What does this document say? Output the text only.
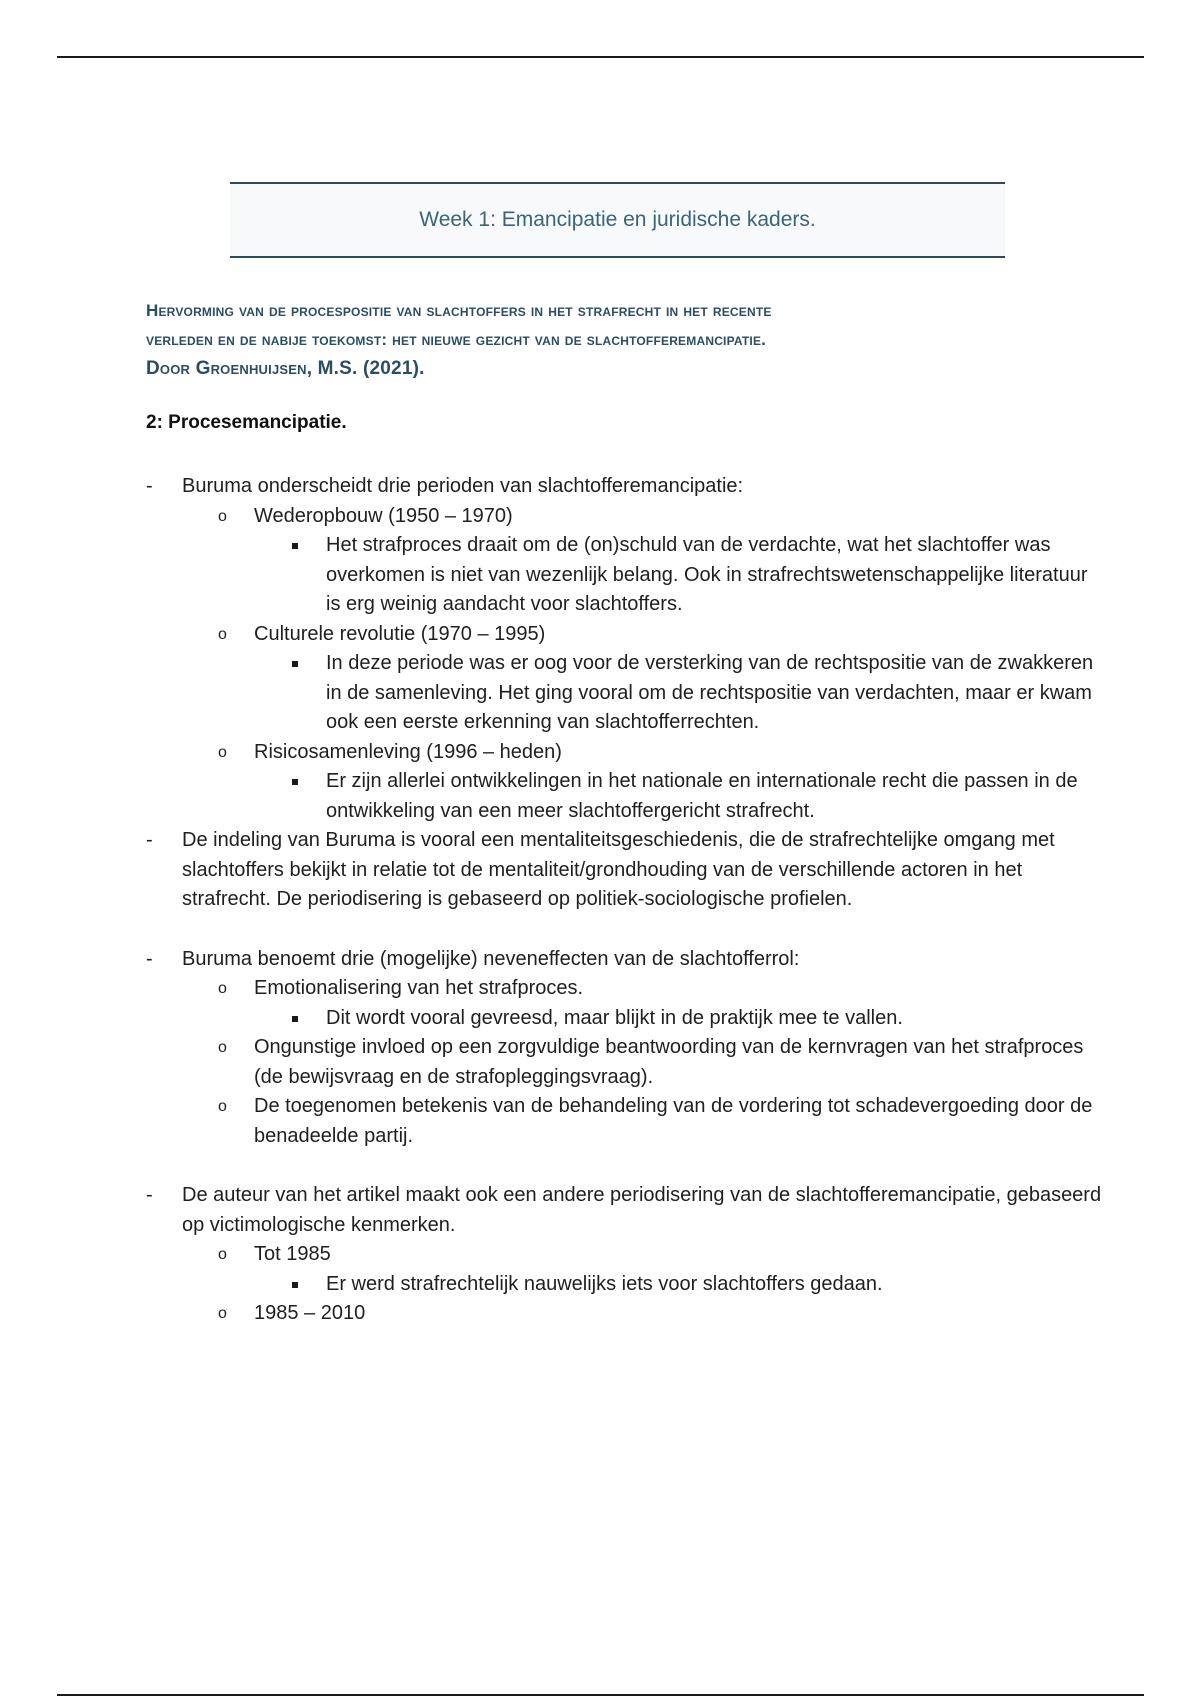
Week 1: Emancipatie en juridische kaders.
Hervorming van de procespositie van slachtoffers in het strafrecht in het recente
verleden en de nabije toekomst: het nieuwe gezicht van de slachtofferemancipatie.
Door Groenhuijsen, M.S. (2021).
2: Procesemancipatie.
- Buruma onderscheidt drie perioden van slachtofferemancipatie:
o Wederopbouw (1950 – 1970)
Het strafproces draait om de (on)schuld van de verdachte, wat het slachtoffer was overkomen is niet van wezenlijk belang. Ook in strafrechtswetenschappelijke literatuur is erg weinig aandacht voor slachtoffers.
o Culturele revolutie (1970 – 1995)
In deze periode was er oog voor de versterking van de rechtspositie van de zwakkeren in de samenleving. Het ging vooral om de rechtspositie van verdachten, maar er kwam ook een eerste erkenning van slachtofferrechten.
o Risicosamenleving (1996 – heden)
Er zijn allerlei ontwikkelingen in het nationale en internationale recht die passen in de ontwikkeling van een meer slachtoffergericht strafrecht.
- De indeling van Buruma is vooral een mentaliteitsgeschiedenis, die de strafrechtelijke omgang met slachtoffers bekijkt in relatie tot de mentaliteit/grondhouding van de verschillende actoren in het strafrecht. De periodisering is gebaseerd op politiek-sociologische profielen.
- Buruma benoemt drie (mogelijke) neveneffecten van de slachtofferrol:
o Emotionalisering van het strafproces.
Dit wordt vooral gevreesd, maar blijkt in de praktijk mee te vallen.
o Ongunstige invloed op een zorgvuldige beantwoording van de kernvragen van het strafproces (de bewijsvraag en de strafopleggingsvraag).
o De toegenomen betekenis van de behandeling van de vordering tot schadevergoeding door de benadeelde partij.
- De auteur van het artikel maakt ook een andere periodisering van de slachtofferemancipatie, gebaseerd op victimologische kenmerken.
o Tot 1985
Er werd strafrechtelijk nauwelijks iets voor slachtoffers gedaan.
o 1985 – 2010
